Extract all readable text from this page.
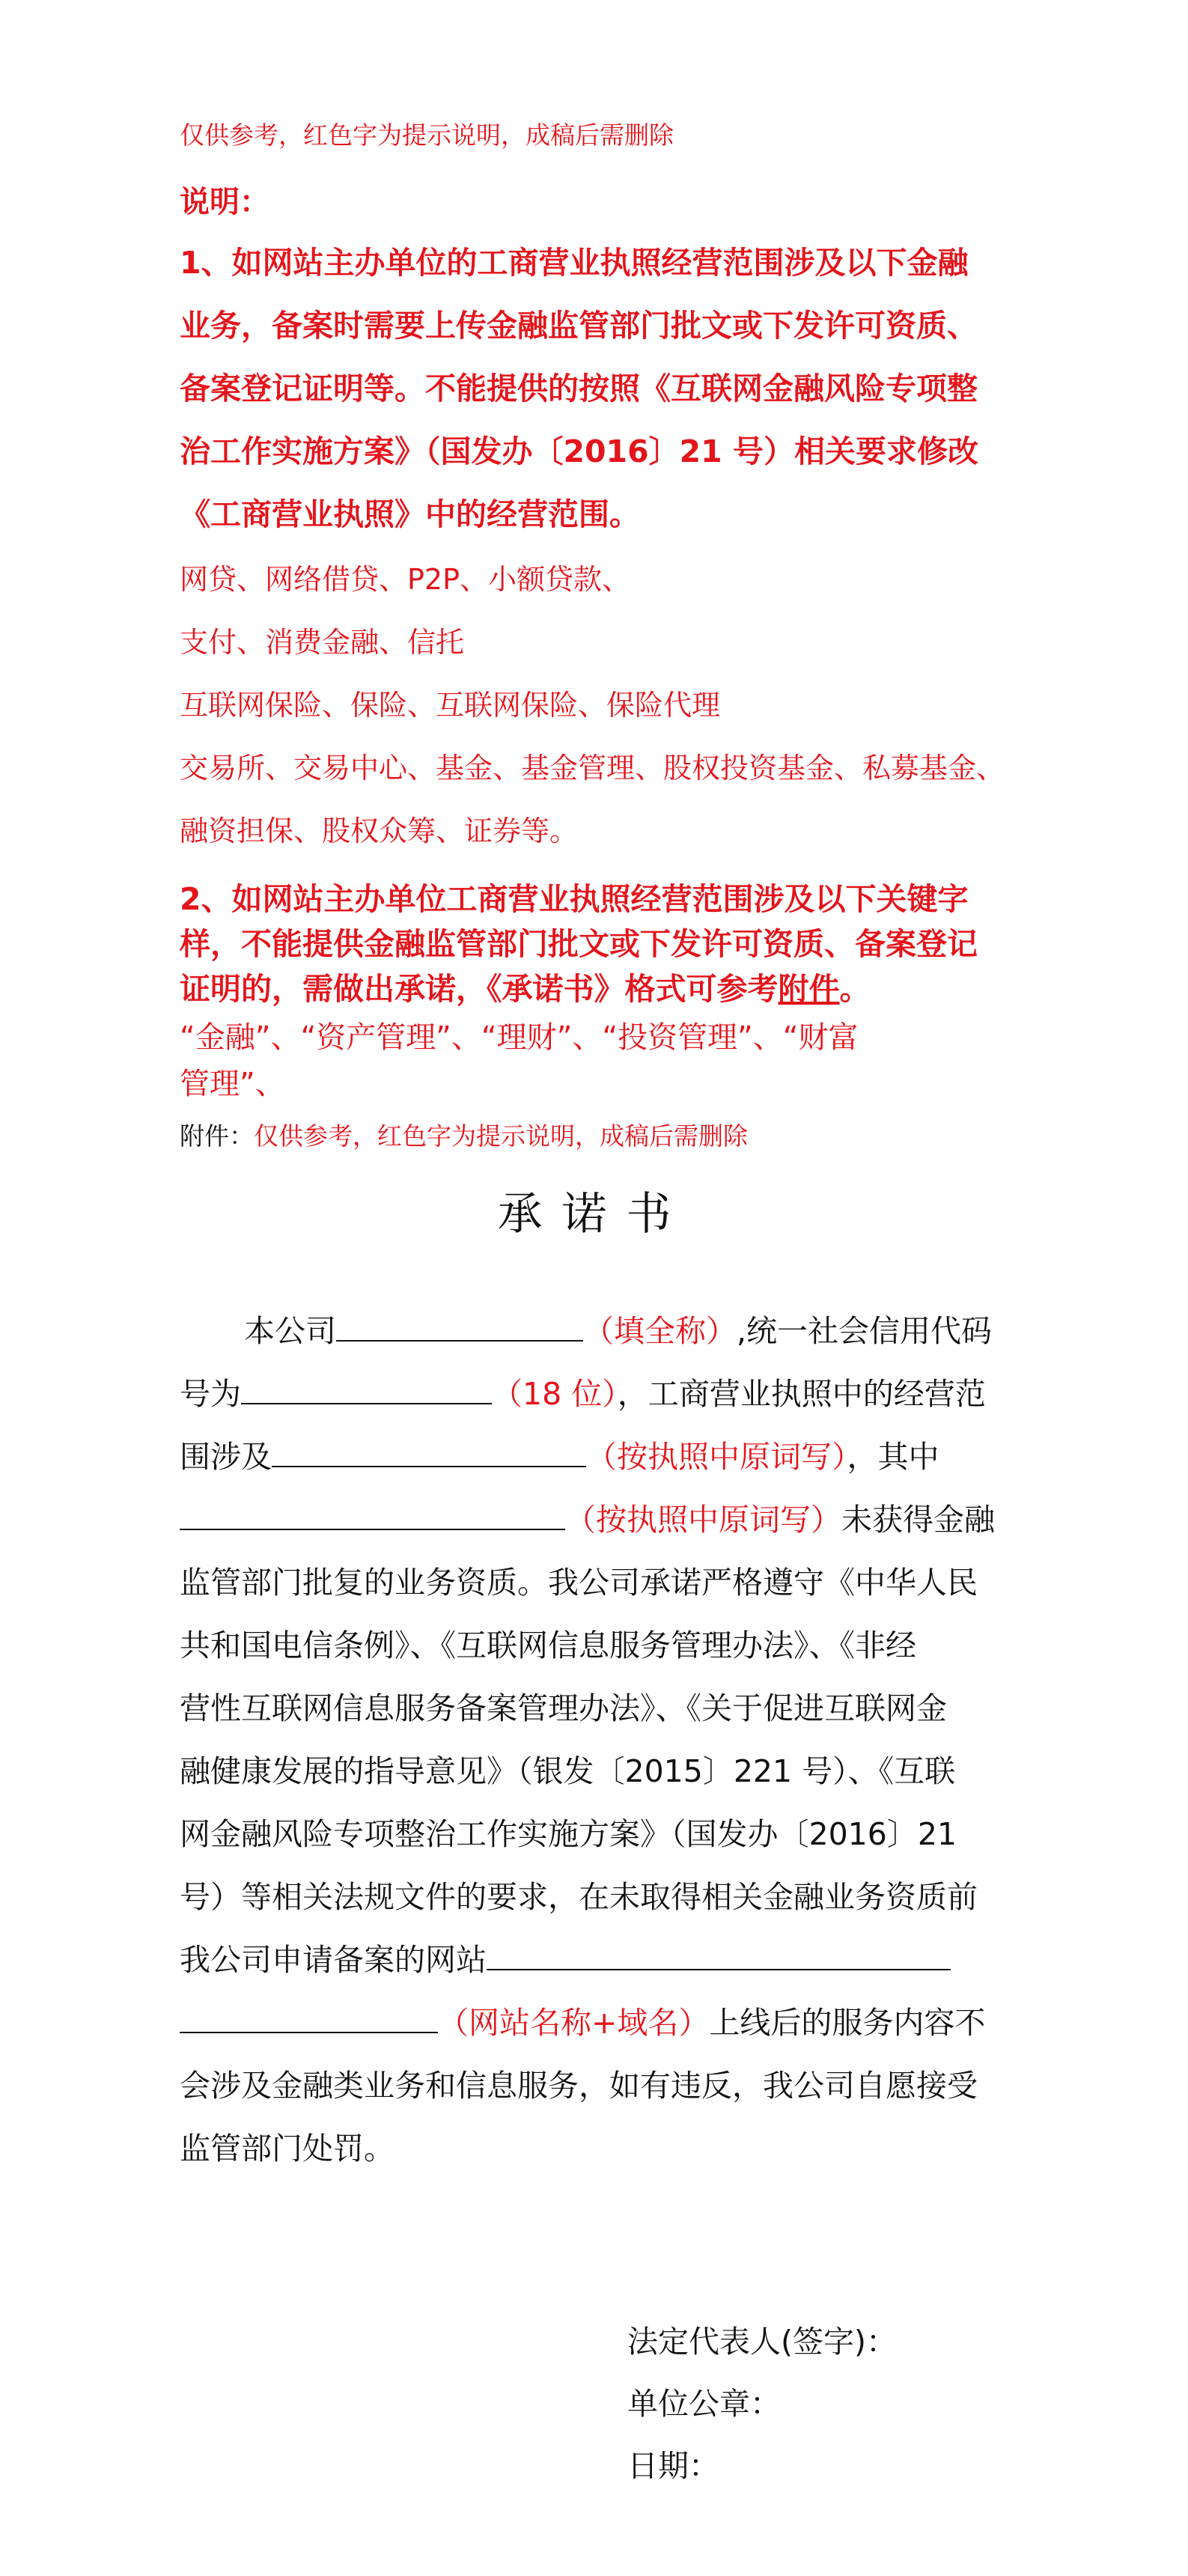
仅供参考，红色字为提示说明，成稿后需删除
说明：
1、如网站主办单位的工商营业执照经营范围涉及以下金融
业务，备案时需要上传金融监管部门批文或下发许可资质、
备案登记证明等。不能提供的按照《互联网金融风险专项整
治工作实施方案》（国发办〔2016〕21 号）相关要求修改
《工商营业执照》中的经营范围。
网贷、网络借贷、P2P、小额贷款、
支付、消费金融、信托
互联网保险、保险、互联网保险、保险代理
交易所、交易中心、基金、基金管理、股权投资基金、私募基金、
融资担保、股权众筹、证券等。
2、如网站主办单位工商营业执照经营范围涉及以下关键字
样，不能提供金融监管部门批文或下发许可资质、备案登记
证明的，需做出承诺，《承诺书》格式可参考附件。
“金融”、“资产管理”、“理财”、“投资管理”、“财富
管理”、
附件：仅供参考，红色字为提示说明，成稿后需删除
承诺书
本公司	（填全称）,统一社会信用代码
号为	（18 位），工商营业执照中的经营范
围涉及	（按执照中原词写），其中
（按执照中原词写）未获得金融
监管部门批复的业务资质。我公司承诺严格遵守《中华人民
共和国电信条例》、《互联网信息服务管理办法》、《非经
营性互联网信息服务备案管理办法》、《关于促进互联网金
融健康发展的指导意见》（银发〔2015〕221 号）、《互联
网金融风险专项整治工作实施方案》（国发办〔2016〕21
号）等相关法规文件的要求，在未取得相关金融业务资质前
我公司申请备案的网站
（网站名称+域名）上线后的服务内容不
会涉及金融类业务和信息服务，如有违反，我公司自愿接受
监管部门处罚。
法定代表人(签字)：
单位公章：
日期：
